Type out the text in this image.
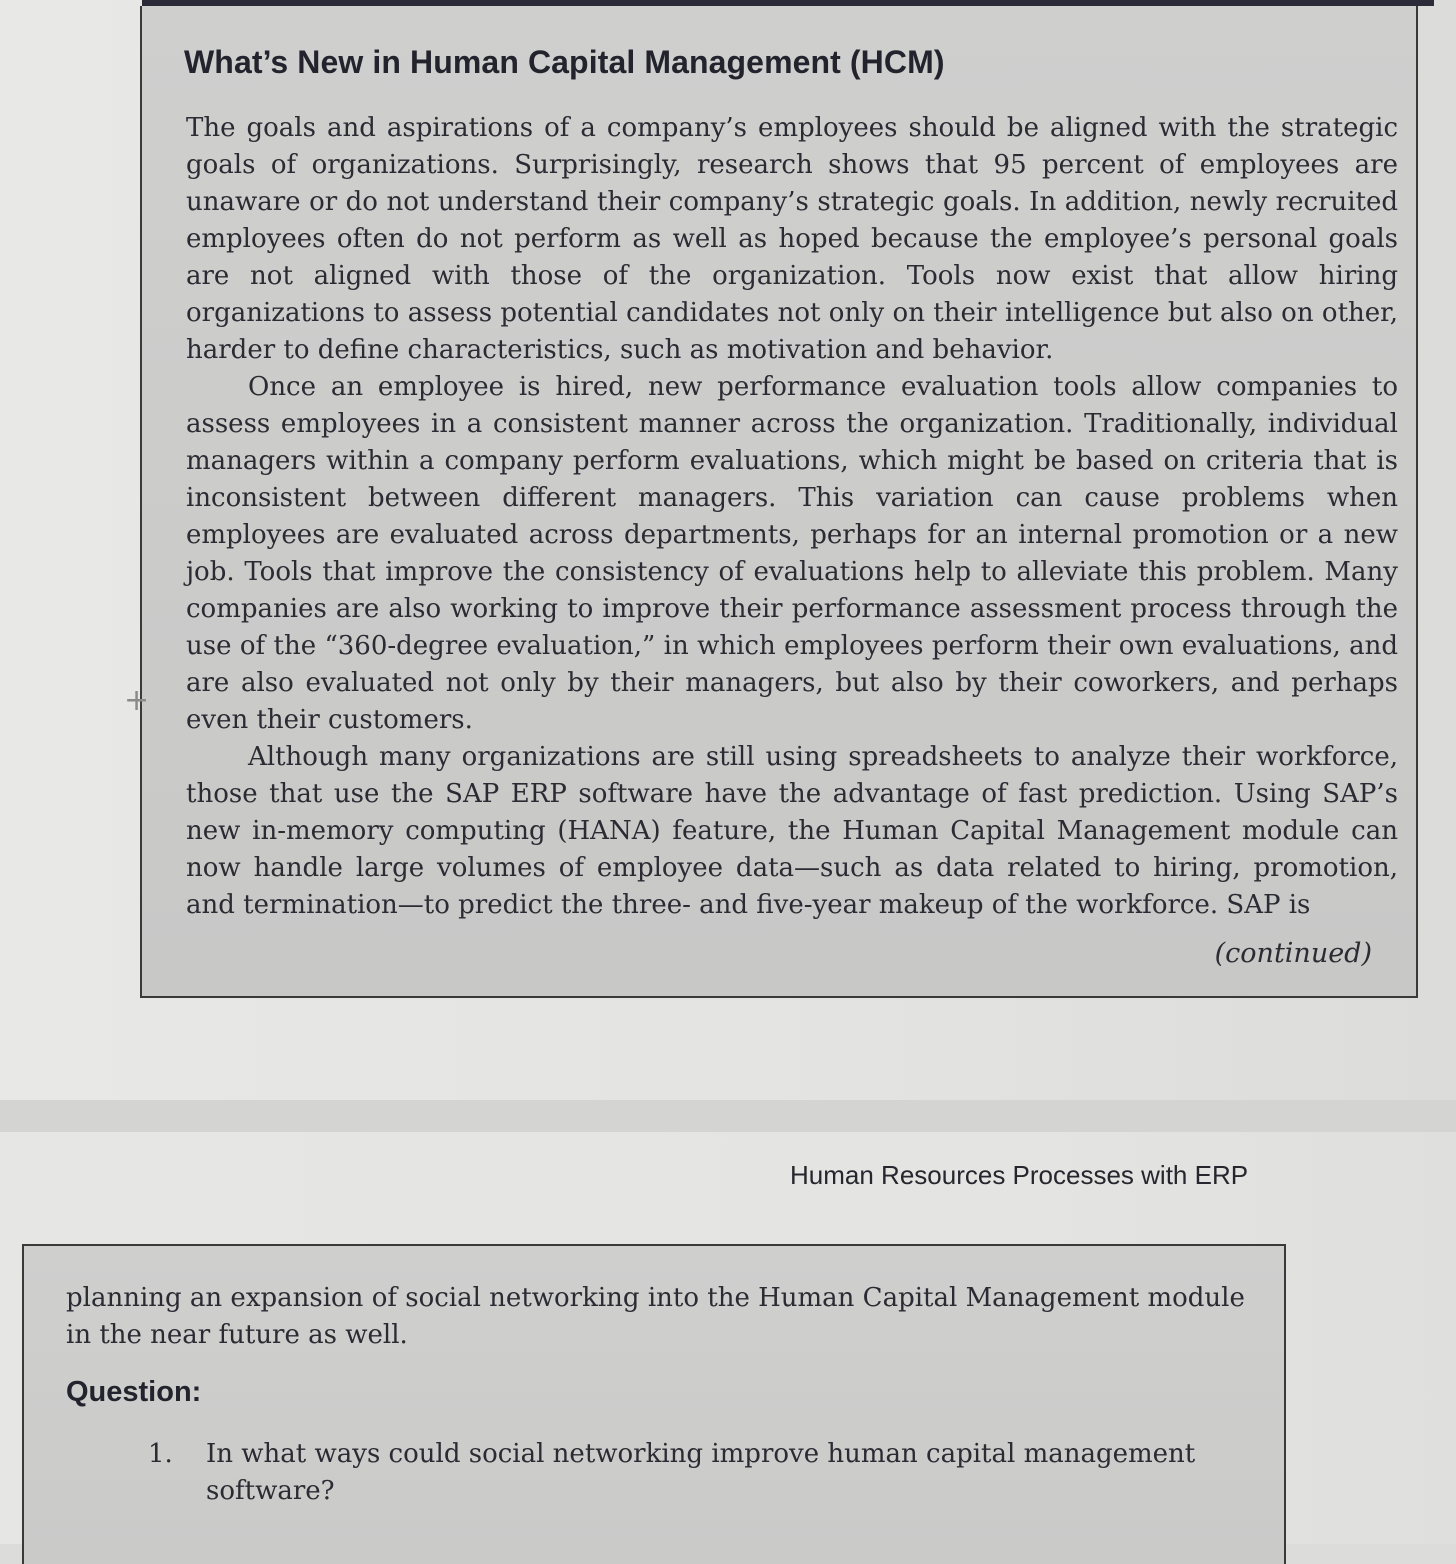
What’s New in Human Capital Management (HCM)

The goals and aspirations of a company’s employees should be aligned with the strategic goals of organizations. Surprisingly, research shows that 95 percent of employees are unaware or do not understand their company’s strategic goals. In addition, newly recruited employees often do not perform as well as hoped because the employee’s personal goals are not aligned with those of the organization. Tools now exist that allow hiring organizations to assess potential candidates not only on their intelligence but also on other, harder to define characteristics, such as motivation and behavior.

Once an employee is hired, new performance evaluation tools allow companies to assess employees in a consistent manner across the organization. Traditionally, individual managers within a company perform evaluations, which might be based on criteria that is inconsistent between different managers. This variation can cause problems when employees are evaluated across departments, perhaps for an internal promotion or a new job. Tools that improve the consistency of evaluations help to alleviate this problem. Many companies are also working to improve their performance assessment process through the use of the “360-degree evaluation,” in which employees perform their own evaluations, and are also evaluated not only by their managers, but also by their coworkers, and perhaps even their customers.

Although many organizations are still using spreadsheets to analyze their workforce, those that use the SAP ERP software have the advantage of fast prediction. Using SAP’s new in-memory computing (HANA) feature, the Human Capital Management module can now handle large volumes of employee data—such as data related to hiring, promotion, and termination—to predict the three- and five-year makeup of the workforce. SAP is

(continued)
+
Human Resources Processes with ERP

planning an expansion of social networking into the Human Capital Management module in the near future as well.

Question:
1. In what ways could social networking improve human capital management software?
